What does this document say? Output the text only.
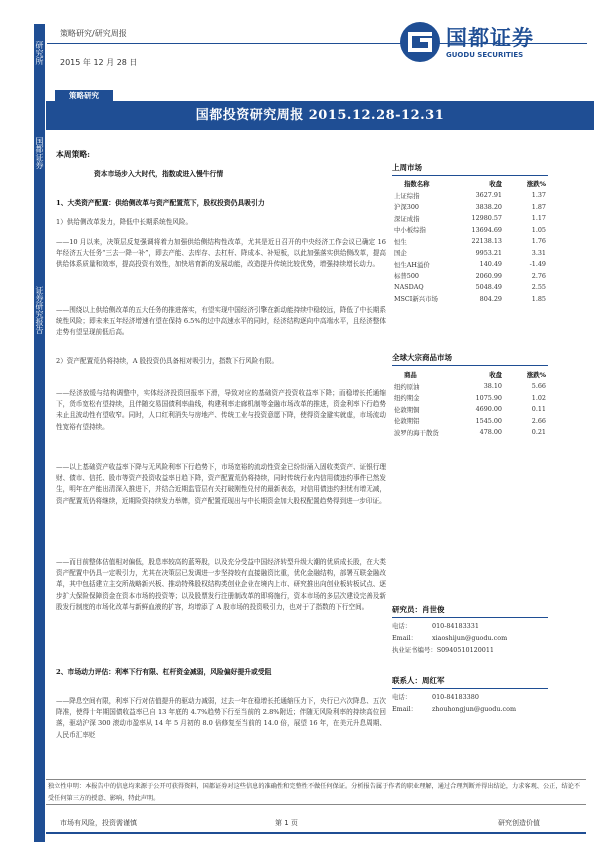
研究所
国都证券
证券研究报告
策略研究/研究周报
2015 年 12 月 28 日
国都证券
GUODU SECURITIES
策略研究
国都投资研究周报 2015.12.28-12.31
本周策略:
资本市场步入大时代，指数或进入慢牛行情
1、大类资产配置：供给侧改革与资产配置荒下，股权投资仍具吸引力
1）供给侧改革发力，降低中长期系统性风险。
——10 月以来，决策层反复强调将着力加强供给侧结构性改革，尤其是近日召开的中央经济工作会议已确定 16 年经济五大任务“三去一降一补”，即去产能、去库存、去杠杆、降成本、补短板，以此加强落实供给侧改革，提高供给体系质量和效率，提高投资有效性，加快培育新的发展动能，改造提升传统比较优势，增强持续增长动力。
——围绕以上供给侧改革的五大任务的推进落实，有望实现中国经济引擎在新动能持续中稳较远，降低了中长期系统性风险；即未来五年经济增速有望在保持 6.5%的过中高速水平的同时，经济结构逐向中高端水平，且经济整体走势有望呈现前低后高。
2）资产配置荒仍将持续，A 股投资仍具备相对吸引力，指数下行风险有限。
——经济放缓与结构调整中，实体经济投资回报率下滑，导致对应的基础资产投资收益率下降；而稳增长托通缩下，货币宽松有望持续，且伴随交易国债利率曲线，构建利率走廊机制等金融市场改革的推进，资金利率下行趋势未止且波动性有望收窄。同时，人口红利消失与房地产、传统工业与投资意愿下降，使得资金避实就虚，市场流动性宽裕有望持续。
——以上基础资产收益率下降与无风险利率下行趋势下，市场宽裕的流动性资金已纷纷涌入固收类资产、证银行理财、债市、信托、股市等资产投资收益率日趋下降，资产配置荒仍将持续，同时传统行业内信用债违约事件已然发生，明年在产能出清深入推进下，并结合近期监管层有关打破刚性兑付的最新表态，对信用债违约担忧有增无减，资产配置荒仍将继续，近期险资持续发力举牌，资产配置荒现出与中长期资金加大股权配置趋势得到进一步印证。
——而目前整体估值相对偏低，股息率较高的蓝筹股，以及充分受益中国经济转型升级大潮的优质成长股，在大类资产配置中仍具一定吸引力，尤其在决策层已发调进一步坚持较有直接融资比重，优化金融结构，部署互联金融改革，其中包括建立主交所战略新兴板、推动特殊股权结构类创业企业在境内上市、研究推出向创业板转板试点、逐步扩大保险保障资金在资本市场的投资等；以及股票发行注册制改革的即将施行，资本市场的多层次建设完善及新股发行制度的市场化改革与新鲜血液的扩容，均增添了 A 股市场的投资吸引力，也对于了指数的下行空间。
2、市场动力评估：利率下行有限、杠杆资金减弱，风险偏好提升或受阻
——降息空间有限，利率下行对估值提升的驱动力减弱，过去一年在稳增长托通缩压力下，央行已六次降息、五次降准，使得十年期国债收益率已自 13 年底的 4.7%趋势下行至当前的 2.8%附近；伴随无风险利率的持续高位回落，驱动沪深 300 滚动市盈率从 14 年 5 月初的 8.0 倍修复至当前的 14.0 倍，展望 16 年，在美元升息周期、人民币汇率贬
上周市场
指数名称	收盘	涨跌%
上证综指	3627.91	1.37
沪深300	3838.20	1.87
深证成指	12980.57	1.17
中小板综指	13694.69	1.05
恒生	22138.13	1.76
国企	9953.21	3.31
恒生AH溢价	140.49	-1.49
标普500	2060.99	2.76
NASDAQ	5048.49	2.55
MSCI新兴市场	804.29	1.85
全球大宗商品市场
商品	收盘	涨跌%
纽约原油	38.10	5.66
纽约期金	1075.90	1.02
伦敦期铜	4690.00	0.11
伦敦期铝	1545.00	2.66
波罗的海干散货	478.00	0.21
研究员：肖世俊
电话：	010-84183331
Email： xiaoshijun@guodu.com
执业证书编号：S0940510120011
联系人：周红军
电话：	010-84183380
Email： zhouhongjun@guodu.com
独立性申明：本报告中的信息均来源于公开可获得资料，国都证券对这些信息的准确性和完整性不做任何保证。分析报告属于作者的职业理解，通过合理判断并得出结论，力求客观、公正，结论不受任何第三方的授意、影响，特此声明。
市场有风险，投资需谨慎	第 1 页	研究创造价值
